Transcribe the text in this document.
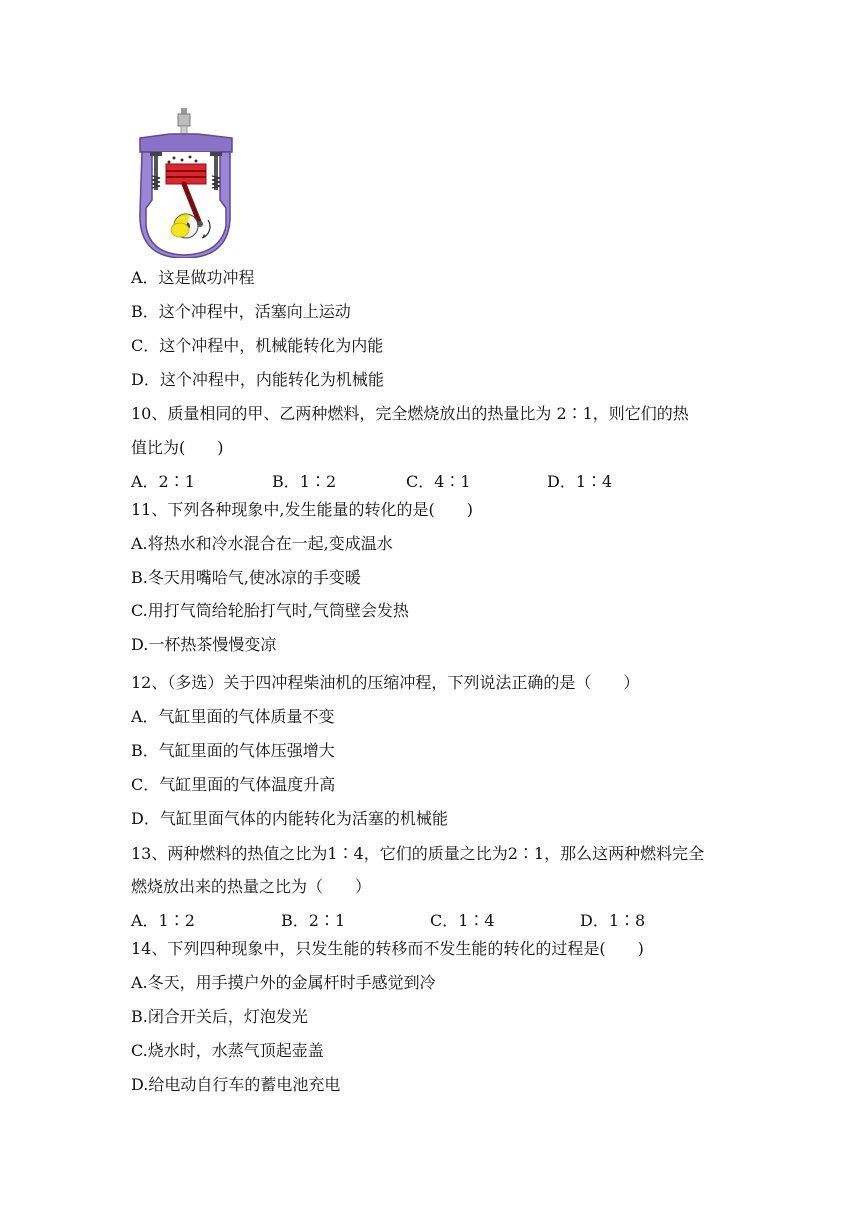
A．这是做功冲程
B．这个冲程中，活塞向上运动
C．这个冲程中，机械能转化为内能
D．这个冲程中，内能转化为机械能
10、质量相同的甲、乙两种燃料，完全燃烧放出的热量比为 2∶1，则它们的热
值比为(　　)
A．2∶1	B．1∶2	C．4∶1	D．1∶4
11、下列各种现象中,发生能量的转化的是(　　)
A.将热水和冷水混合在一起,变成温水
B.冬天用嘴哈气,使冰凉的手变暖
C.用打气筒给轮胎打气时,气筒壁会发热
D.一杯热茶慢慢变凉
12、（多选）关于四冲程柴油机的压缩冲程，下列说法正确的是（　　）
A．气缸里面的气体质量不变
B．气缸里面的气体压强增大
C．气缸里面的气体温度升高
D．气缸里面气体的内能转化为活塞的机械能
13、两种燃料的热值之比为1∶4，它们的质量之比为2∶1，那么这两种燃料完全
燃烧放出来的热量之比为（　　）
A．1∶2	B．2∶1	C．1∶4	D．1∶8
14、下列四种现象中，只发生能的转移而不发生能的转化的过程是(　　)
A.冬天，用手摸户外的金属杆时手感觉到冷
B.闭合开关后，灯泡发光
C.烧水时，水蒸气顶起壶盖
D.给电动自行车的蓄电池充电
